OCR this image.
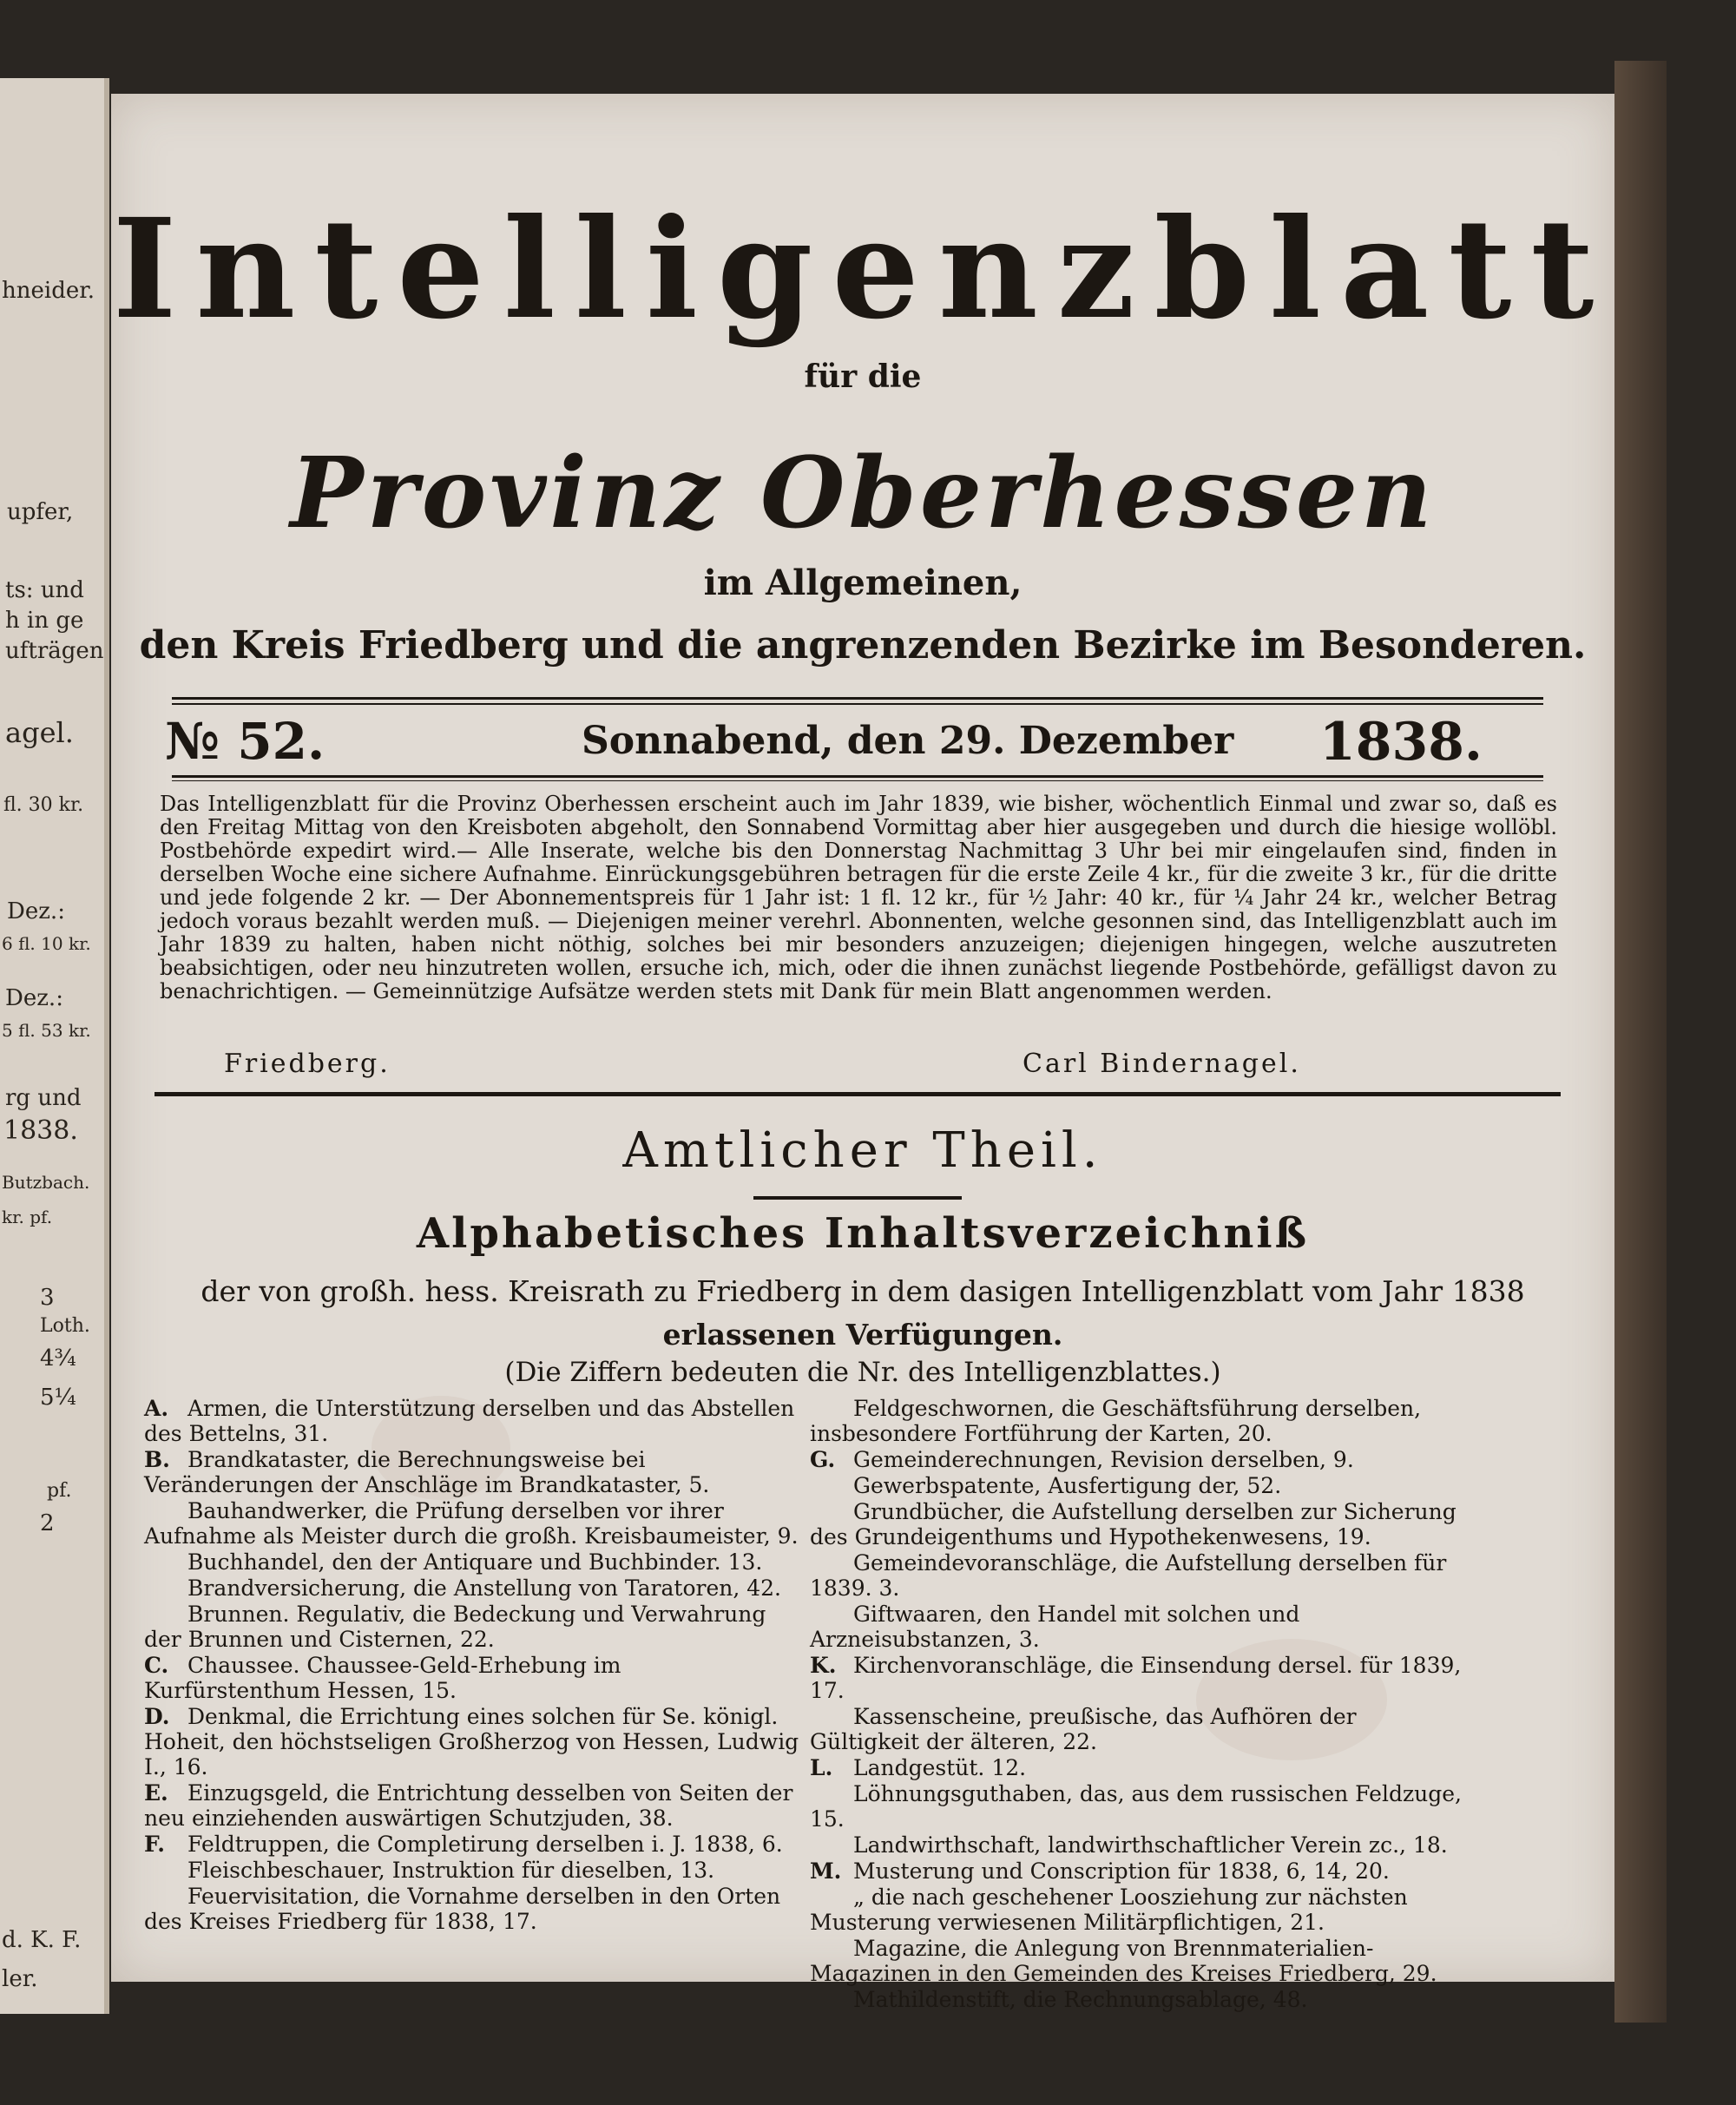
hneider.
upfer,
ts: und
h in ge
ufträgen
agel.
fl. 30 kr.
Dez.:
6 fl. 10 kr.
Dez.:
5 fl. 53 kr.
rg und
1838.
Butzbach.
kr. pf.
3
Loth.
4¾
5¼
pf.
2
d. K. F.
ler.
Intelligenzblatt
für die
Provinz Oberhessen
im Allgemeinen,
den Kreis Friedberg und die angrenzenden Bezirke im Besonderen.
№ 52.	Sonnabend, den 29. Dezember 1838.

Das Intelligenzblatt für die Provinz Oberhessen erscheint auch im Jahr 1839, wie bisher, wöchentlich Einmal und zwar so, daß es den Freitag Mittag von den Kreisboten abgeholt, den Sonnabend Vormittag aber hier ausgegeben und durch die hiesige wollöbl. Postbehörde expedirt wird.— Alle Inserate, welche bis den Donnerstag Nachmittag 3 Uhr bei mir eingelaufen sind, finden in derselben Woche eine sichere Aufnahme. Einrückungsgebühren betragen für die erste Zeile 4 kr., für die zweite 3 kr., für die dritte und jede folgende 2 kr. — Der Abonnementspreis für 1 Jahr ist: 1 fl. 12 kr., für ½ Jahr: 40 kr., für ¼ Jahr 24 kr., welcher Betrag jedoch voraus bezahlt werden muß. — Diejenigen meiner verehrl. Abonnenten, welche gesonnen sind, das Intelligenzblatt auch im Jahr 1839 zu halten, haben nicht nöthig, solches bei mir besonders anzuzeigen; diejenigen hingegen, welche auszutreten beabsichtigen, oder neu hinzutreten wollen, ersuche ich, mich, oder die ihnen zunächst liegende Postbehörde, gefälligst davon zu benachrichtigen. — Gemeinnützige Aufsätze werden stets mit Dank für mein Blatt angenommen werden.

Friedberg.	Carl Bindernagel.
Amtlicher Theil.
Alphabetisches Inhaltsverzeichniß
der von großh. hess. Kreisrath zu Friedberg in dem dasigen Intelligenzblatt vom Jahr 1838
erlassenen Verfügungen.
(Die Ziffern bedeuten die Nr. des Intelligenzblattes.)
A. Armen, die Unterstützung derselben und das Abstellen des Bettelns, 31.
B. Brandkataster, die Berechnungsweise bei Veränderungen der Anschläge im Brandkataster, 5.
Bauhandwerker, die Prüfung derselben vor ihrer Aufnahme als Meister durch die großh. Kreisbaumeister, 9.
Buchhandel, den der Antiquare und Buchbinder. 13.
Brandversicherung, die Anstellung von Taratoren, 42.
Brunnen. Regulativ, die Bedeckung und Verwahrung der Brunnen und Cisternen, 22.
C. Chaussee. Chaussee-Geld-Erhebung im Kurfürstenthum Hessen, 15.
D. Denkmal, die Errichtung eines solchen für Se. königl. Hoheit, den höchstseligen Großherzog von Hessen, Ludwig I., 16.
E. Einzugsgeld, die Entrichtung desselben von Seiten der neu einziehenden auswärtigen Schutzjuden, 38.
F. Feldtruppen, die Completirung derselben i. J. 1838, 6.
Fleischbeschauer, Instruktion für dieselben, 13.
Feuervisitation, die Vornahme derselben in den Orten des Kreises Friedberg für 1838, 17.
Feldgeschwornen, die Geschäftsführung derselben, insbesondere Fortführung der Karten, 20.
G. Gemeinderechnungen, Revision derselben, 9.
Gewerbspatente, Ausfertigung der, 52.
Grundbücher, die Aufstellung derselben zur Sicherung des Grundeigenthums und Hypothekenwesens, 19.
Gemeindevoranschläge, die Aufstellung derselben für 1839. 3.
Giftwaaren, den Handel mit solchen und Arzneisubstanzen, 3.
K. Kirchenvoranschläge, die Einsendung dersel. für 1839, 17.
Kassenscheine, preußische, das Aufhören der Gültigkeit der älteren, 22.
L. Landgestüt. 12.
Löhnungsguthaben, das, aus dem russischen Feldzuge, 15.
Landwirthschaft, landwirthschaftlicher Verein zc., 18.
M. Musterung und Conscription für 1838, 6, 14, 20.
„ die nach geschehener Loosziehung zur nächsten Musterung verwiesenen Militärpflichtigen, 21.
Magazine, die Anlegung von Brennmaterialien-Magazinen in den Gemeinden des Kreises Friedberg, 29.
Mathildenstift, die Rechnungsablage, 48.
